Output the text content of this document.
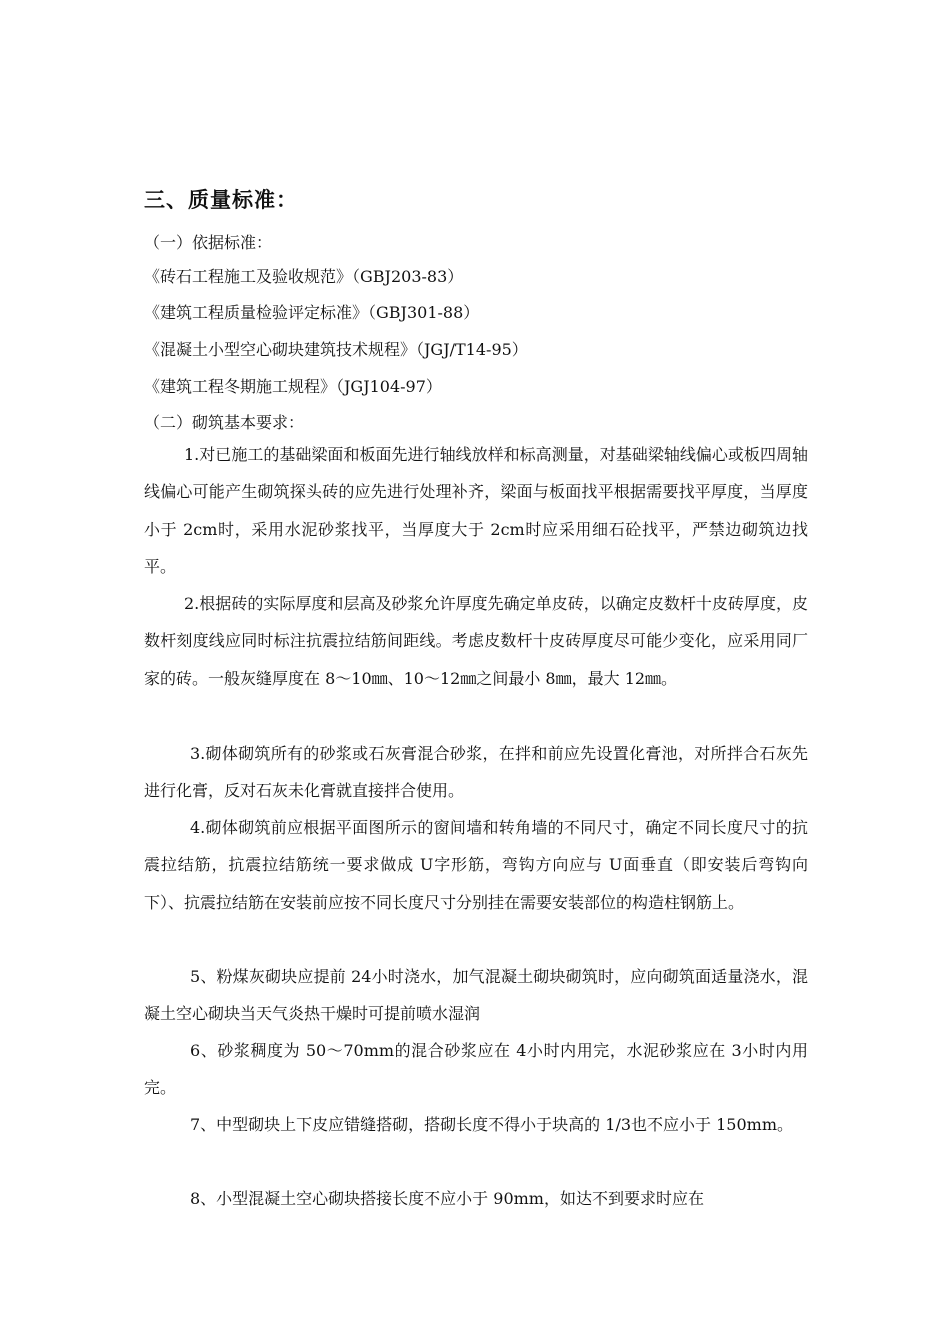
三、质量标准：
（一）依据标准：
《砖石工程施工及验收规范》（GBJ203-83）
《建筑工程质量检验评定标准》（GBJ301-88）
《混凝土小型空心砌块建筑技术规程》（JGJ/T14-95）
《建筑工程冬期施工规程》（JGJ104-97）
（二）砌筑基本要求：
1.对已施工的基础梁面和板面先进行轴线放样和标高测量，对基础梁轴线偏心或板四周轴线偏心可能产生砌筑探头砖的应先进行处理补齐，梁面与板面找平根据需要找平厚度，当厚度小于 2cm时，采用水泥砂浆找平，当厚度大于 2cm时应采用细石砼找平，严禁边砌筑边找平。
2.根据砖的实际厚度和层高及砂浆允许厚度先确定单皮砖，以确定皮数杆十皮砖厚度，皮数杆刻度线应同时标注抗震拉结筋间距线。考虑皮数杆十皮砖厚度尽可能少变化，应采用同厂家的砖。一般灰缝厚度在 8～10㎜、10～12㎜之间最小 8㎜，最大 12㎜。
3.砌体砌筑所有的砂浆或石灰膏混合砂浆，在拌和前应先设置化膏池，对所拌合石灰先进行化膏，反对石灰未化膏就直接拌合使用。
4.砌体砌筑前应根据平面图所示的窗间墙和转角墙的不同尺寸，确定不同长度尺寸的抗震拉结筋，抗震拉结筋统一要求做成 U字形筋，弯钩方向应与 U面垂直（即安装后弯钩向下）、抗震拉结筋在安装前应按不同长度尺寸分别挂在需要安装部位的构造柱钢筋上。
5、粉煤灰砌块应提前 24小时浇水，加气混凝土砌块砌筑时，应向砌筑面适量浇水，混凝土空心砌块当天气炎热干燥时可提前喷水湿润
6、砂浆稠度为 50～70mm的混合砂浆应在 4小时内用完，水泥砂浆应在 3小时内用完。
7、中型砌块上下皮应错缝搭砌，搭砌长度不得小于块高的 1/3也不应小于 150mm。
8、小型混凝土空心砌块搭接长度不应小于 90mm，如达不到要求时应在
